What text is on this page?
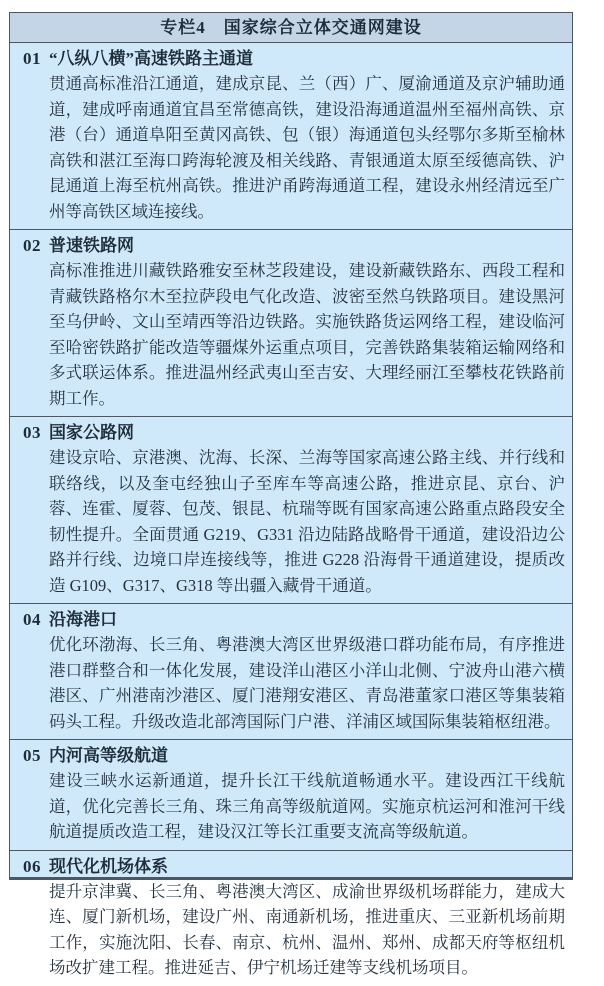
专栏4　国家综合立体交通网建设
01 “八纵八横”高速铁路主通道
贯通高标准沿江通道，建成京昆、兰（西）广、厦渝通道及京沪辅助通道，建成呼南通道宜昌至常德高铁，建设沿海通道温州至福州高铁、京港（台）通道阜阳至黄冈高铁、包（银）海通道包头经鄂尔多斯至榆林高铁和湛江至海口跨海轮渡及相关线路、青银通道太原至绥德高铁、沪昆通道上海至杭州高铁。推进沪甬跨海通道工程，建设永州经清远至广州等高铁区域连接线。
02 普速铁路网
高标准推进川藏铁路雅安至林芝段建设，建设新藏铁路东、西段工程和青藏铁路格尔木至拉萨段电气化改造、波密至然乌铁路项目。建设黑河至乌伊岭、文山至靖西等沿边铁路。实施铁路货运网络工程，建设临河至哈密铁路扩能改造等疆煤外运重点项目，完善铁路集装箱运输网络和多式联运体系。推进温州经武夷山至吉安、大理经丽江至攀枝花铁路前期工作。
03 国家公路网
建设京哈、京港澳、沈海、长深、兰海等国家高速公路主线、并行线和联络线，以及奎屯经独山子至库车等高速公路，推进京昆、京台、沪蓉、连霍、厦蓉、包茂、银昆、杭瑞等既有国家高速公路重点路段安全韧性提升。全面贯通 G219、G331 沿边陆路战略骨干通道，建设沿边公路并行线、边境口岸连接线等，推进 G228 沿海骨干通道建设，提质改造 G109、G317、G318 等出疆入藏骨干通道。
04 沿海港口
优化环渤海、长三角、粤港澳大湾区世界级港口群功能布局，有序推进港口群整合和一体化发展，建设洋山港区小洋山北侧、宁波舟山港六横港区、广州港南沙港区、厦门港翔安港区、青岛港董家口港区等集装箱码头工程。升级改造北部湾国际门户港、洋浦区域国际集装箱枢纽港。
05 内河高等级航道
建设三峡水运新通道，提升长江干线航道畅通水平。建设西江干线航道，优化完善长三角、珠三角高等级航道网。实施京杭运河和淮河干线航道提质改造工程，建设汉江等长江重要支流高等级航道。
06 现代化机场体系
提升京津冀、长三角、粤港澳大湾区、成渝世界级机场群能力，建成大连、厦门新机场，建设广州、南通新机场，推进重庆、三亚新机场前期工作，实施沈阳、长春、南京、杭州、温州、郑州、成都天府等枢纽机场改扩建工程。推进延吉、伊宁机场迁建等支线机场项目。
